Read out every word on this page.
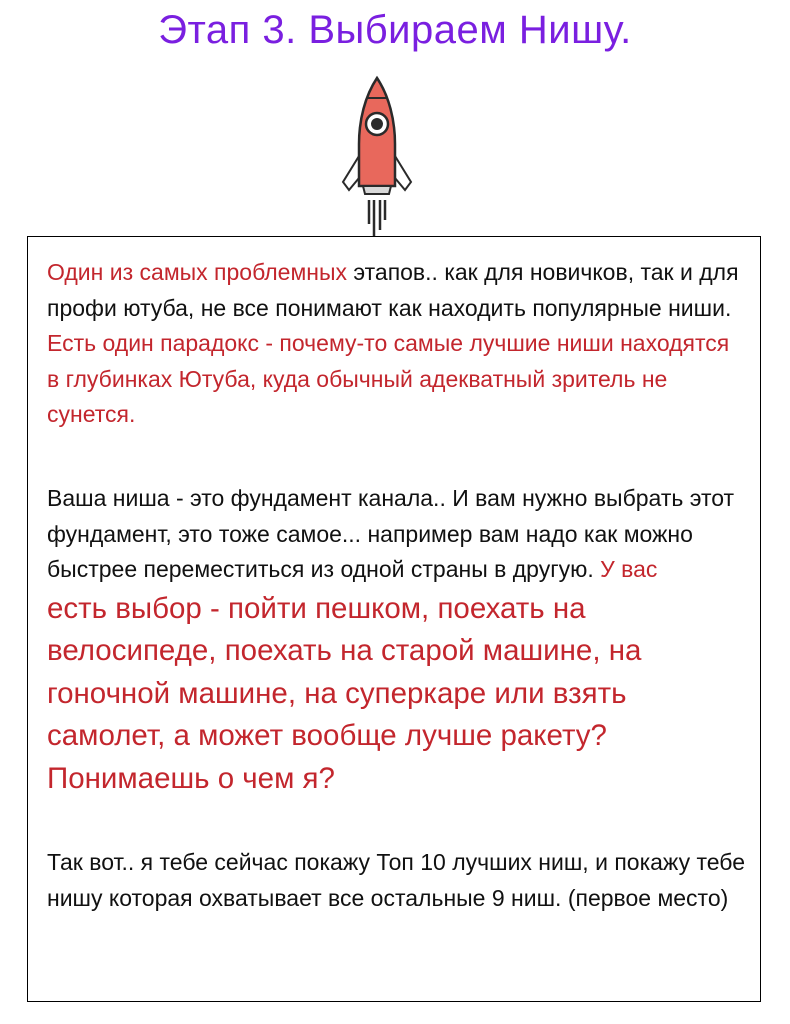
Этап 3. Выбираем Нишу.

Один из самых проблемных этапов.. как для новичков, так и для профи ютуба, не все понимают как находить популярные ниши. Есть один парадокс - почему-то самые лучшие ниши находятся в глубинках Ютуба, куда обычный адекватный зритель не сунется.

Ваша ниша - это фундамент канала.. И вам нужно выбрать этот фундамент, это тоже самое... например вам надо как можно быстрее переместиться из одной страны в другую. У вас
есть выбор - пойти пешком, поехать на велосипеде, поехать на старой машине, на гоночной машине, на суперкаре или взять самолет, а может вообще лучше ракету? Понимаешь о чем я?

Так вот.. я тебе сейчас покажу Топ 10 лучших ниш, и покажу тебе нишу которая охватывает все остальные 9 ниш. (первое место)
